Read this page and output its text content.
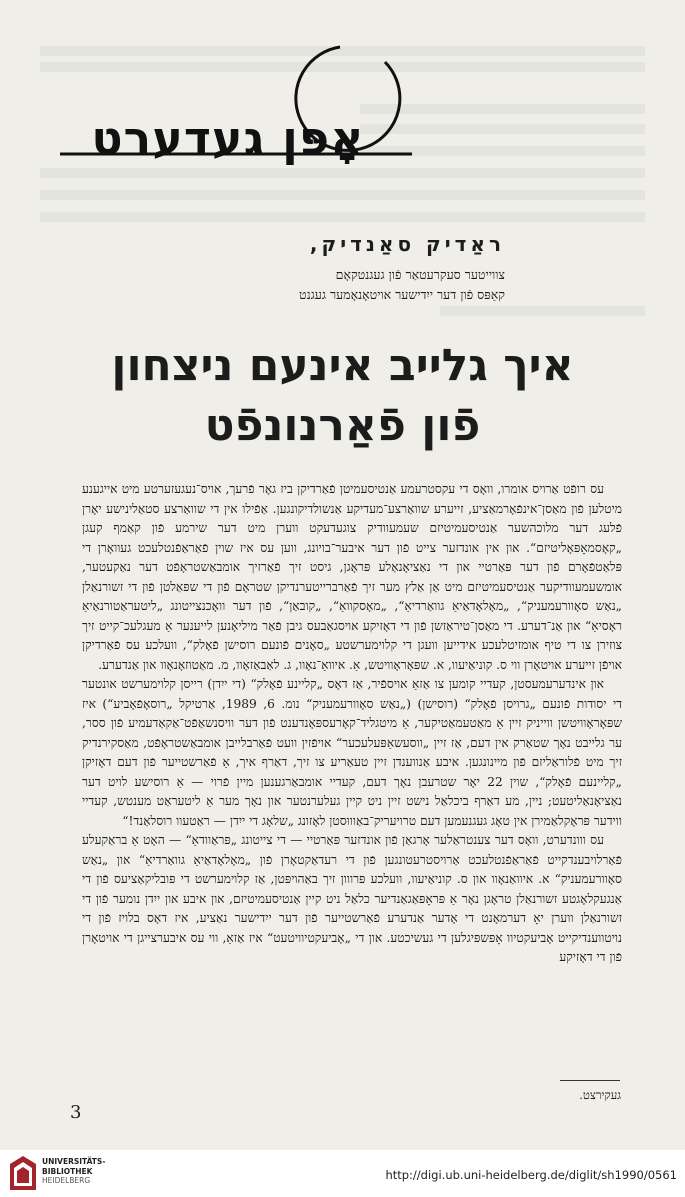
אָפּן געדערט
ראַדיק סאַנדיק,
צווייטער סעקרעטאַר פֿון געגנטקאָם
קאַפּס פֿון דער ייִדישער אויטאָנאָמער געגנט
איך גלייב אינעם ניצחון
פֿון פֿאַרנונפֿט

עס רופֿט אַרויס אומרו, וואָס די עקסטרעמע אַנטיסעמיטן פֿאַרדיקן ביז גאָר פֿרעך, אויס־נעגעזערטע מיט אייגענע מיטלען פֿון מאַסן־אינפֿאָרמאַציע, זייערע שוואַרצע־מעדיקע אַנשולדיקונגען. אַפֿילו אין די שוואַרצע סטאַלינישע יאָרן פֿלעג דער מלוכהשער אַנטיסעמיטיזם שעמעוודיק צוגעדעקט ווערן מיט דער שירמע פֿון קאַמף קעגן „קאָסמאָפּאָליטיזם“. און אין אונדזער צייט פֿון דער איבער־בויונג, ווען עס איז שוין פֿאַראַפֿנטלעכט געוואָרן די פּלאַטפֿאָרם פֿון דער פּאַרטיי און די נאַציאָנאַלע פּראָגן, גיסט זיך פֿאַרזיך אומבאַשטראָפֿט דער נאַקעטער, אומשעמעוודיקער אַנטיסעמיטיזם מיט אַן אַלץ מער זיך פֿאַרברייטערנדיקן שטראָם פֿון די שפּאַלטן פֿון די זשורנאַלן „נאַש סאָוורעמעניק“, „מאָלאָדאַיאַ גוואַרדיאַ“, „מאָסקוואַ“, „קובאַן“, פֿון דער וואָכנצייטונג „ליטעראַטורנאַיאַ ראָסיאַ“ און אַנ־דערע. די מאַסן־טיראַזשן פֿון די דאָזיקע אויסגאַבעס גיבן פֿאַר מיליאָנען לייענער אַ מעגלעכ־קייט זיך צוזירן צו די טיף אומזיטלעכע אידייען וועגן די קלוימערשטע „סאָנים פֿונעם רוסישן פֿאָלק“, וועלכע עס פֿאַרדיקן אויפֿן זייערע אויטאָרן ווי ס. קוניאַיעוו, א. שפּאָראָוויטש, אַ. איוואַ־נאָוו, ג. לאַבאַזאָוו, מ. מאַטוזאָנאָוו און אַנדערע.

און אינדערעמעסטן, קעדיי קומען צו אַזאַ אויספֿיר, אַז דאָס „קליינע פֿאָלק“ (די ייִדן) רייסן קלוימערשט אונטער די יסודות פֿונעם „גרויסן פֿאָלק“ (רוסישן) („נאַש סאָוורעמעניק“ נומ. 6, 1989, אַרטיקל „רוסאָפֿאָביע“) איז שפּאָראָוויטשן ווייניק זיין אַ מאַטעמאַטיקער, אַ מיטגליד־קאָרעספּאָנדענט פֿון דער וויסנשאַפֿט־אַקאַדעמיע פֿון ססר, ער גלייבט נאָך שטאַרק אין דעם, אַז זיין „ווסעשאַפּעלעכער“ אויפֿזין וועט פֿאַרבלייבן אומבאַשטראָפֿט, מאַסקירנדיק זיך מיט פֿלוראַליזם פֿון מיינונגען. איבע אַנווענדן זיין טעאַריע צו זיך, דאַרף איך, אַ פֿאַרשטייער פֿון דעם דאָזיקן „קליינעם פֿאָלק“, שוין 22 יאָר שטרעבן נאָך דעם, קעדיי אומבאַרגענען מיין פֿרוי — אַ רוסישע לויט דער נאַציאָנאַליטעט; ניין, מע דאַרף ביכלאַל נישט זיין ניט קיין געלערנטער און נאָך מער אַ ליטעראַט מענטש, קעדיי ווידער פּראָקלאַמירן אין טאָג געגנעמען דעם טרויעריק־באַוווּסטן לאָזונג „שלאָג די ייִדן — ראַטעוו רוסלאַנד!“

עס ווונדערט, וואָס דער צענטראַלער אָרגאַן פֿון אונדזער פּאַרטיי — די צייטונג „פּראַוודאַ“ — האָט אַ בראַקעלע פֿאַרלויבענדקייט פֿאַראַפֿנטלעכט אַרויסטרעטונגען פֿון די רעדאַקטאָרן פֿון „מאָלאָדאַיאַ גוואַרדיאַ“ און „נאַש סאָוורעמעניק“ א. איוואַנאָוו און ס. קוניאַיעוו, וועלכע פּרווון זיך באַהויפּטן, אַז קלוימערשט די פּובליקאַציעס פֿון די אַנגעקלאָגטע זשורנאַלן טראָגן נאָר אַ פּראָפּאַגאַנדיער כלאַל ניט קיין אַנטיסעמיטיזם, און איבע און ייִדן נומער פֿון די זשורנאַלן ווערן יאָ דערמאָנט די אָדער אַנדערע פֿאַרשטייער פֿון דער ייִדישער נאַציע, איז דאָס בלויז פֿון די נויטווענדיקייט אָביעקטיוו אָפּשפּיגלען די געשיכטע. און די „אָביעקטיוויטעט“ איז אַזאַ, ווי עס איבערצייגן די אויטאָרן פֿון די דאָזיקע

געקירצט.
3
UNIVERSITÄTS-
BIBLIOTHEK
HEIDELBERG	http://digi.ub.uni-heidelberg.de/diglit/sh1990/0561
